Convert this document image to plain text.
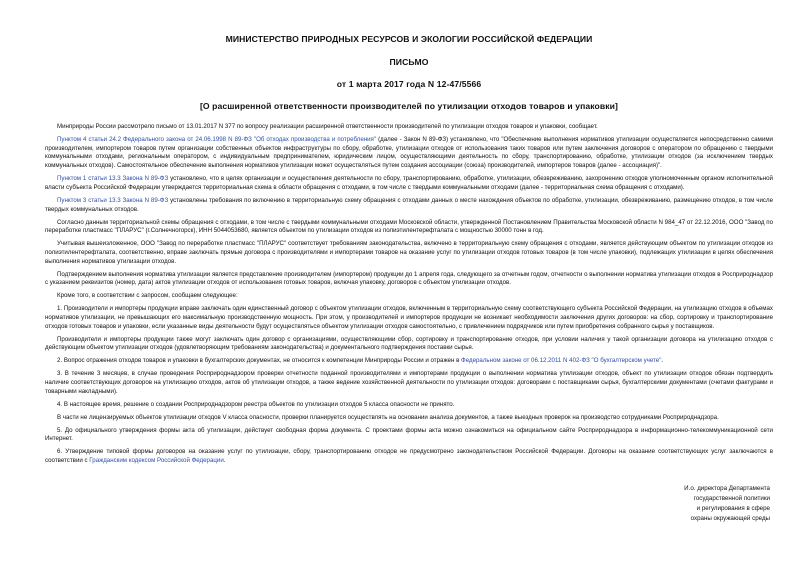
МИНИСТЕРСТВО ПРИРОДНЫХ РЕСУРСОВ И ЭКОЛОГИИ РОССИЙСКОЙ ФЕДЕРАЦИИ
ПИСЬМО
от 1 марта 2017 года N 12-47/5566
[О расширенной ответственности производителей по утилизации отходов товаров и упаковки]

Минприроды России рассмотрело письмо от 13.01.2017 N 377 по вопросу реализации расширенной ответственности производителей по утилизации отходов товаров и упаковки, сообщает.

Пунктом 4 статьи 24.2 Федерального закона от 24.06.1998 N 89-ФЗ "Об отходах производства и потребления" (далее - Закон N 89-ФЗ) установлено, что "Обеспечение выполнения нормативов утилизации осуществляется непосредственно самими производителем, импортером товаров путем организации собственных объектов инфраструктуры по сбору, обработке, утилизации отходов от использования таких товаров или путем заключения договоров с оператором по обращению с твердыми коммунальными отходами, региональным оператором, с индивидуальным предпринимателем, юридическим лицом, осуществляющими деятельность по сбору, транспортированию, обработке, утилизации отходов (за исключением твердых коммунальных отходов). Самостоятельное обеспечение выполнения нормативов утилизации может осуществляться путем создания ассоциации (союза) производителей, импортеров товаров (далее - ассоциация)".

Пунктом 1 статьи 13.3 Закона N 89-ФЗ установлено, что в целях организации и осуществления деятельности по сбору, транспортированию, обработке, утилизации, обезвреживанию, захоронению отходов уполномоченным органом исполнительной власти субъекта Российской Федерации утверждается территориальная схема в области обращения с отходами, в том числе с твердыми коммунальными отходами (далее - территориальная схема обращения с отходами).

Пунктом 3 статьи 13.3 Закона N 89-ФЗ установлены требования по включению в территориальную схему обращения с отходами данных о месте нахождения объектов по обработке, утилизации, обезвреживанию, размещению отходов, в том числе твердых коммунальных отходов.

Согласно данным территориальной схемы обращения с отходами, в том числе с твердыми коммунальными отходами Московской области, утвержденной Постановлением Правительства Московской области N 984_47 от 22.12.2016, ООО "Завод по переработке пластмасс "ПЛАРУС" (г.Солнечногорск), ИНН 5044053680, является объектом по утилизации отходов из полиэтилентерефталата с мощностью 30000 тонн в год.

Учитывая вышеизложенное, ООО "Завод по переработке пластмасс "ПЛАРУС" соответствует требованиям законодательства, включено в территориальную схему обращения с отходами, является действующим объектом по утилизации отходов из полиэтилентерефталата, соответственно, вправе заключать прямые договора с производителями и импортерами товаров на оказание услуг по утилизации отходов готовых товаров (в том числе упаковки), подлежащих утилизации в целях обеспечения выполнения нормативов утилизации отходов.

Подтверждением выполнения норматива утилизации является представление производителем (импортером) продукции до 1 апреля года, следующего за отчетным годом, отчетности о выполнении норматива утилизации отходов в Росприроднадзор с указанием реквизитов (номер, дата) актов утилизации отходов от использования готовых товаров, включая упаковку, договоров с объектом утилизации отходов.

Кроме того, в соответствии с запросом, сообщаем следующее:

1. Производители и импортеры продукции вправе заключать один единственный договор с объектом утилизации отходов, включенным в территориальную схему соответствующего субъекта Российской Федерации, на утилизацию отходов в объемах нормативов утилизации, не превышающих его максимальную производственную мощность. При этом, у производителей и импортеров продукции не возникает необходимости заключения других договоров: на сбор, сортировку и транспортирование отходов готовых товаров и упаковки, если указанные виды деятельности будут осуществляться объектом утилизации отходов самостоятельно, с привлечением подрядчиков или путем приобретения собранного сырья у поставщиков.

Производители и импортеры продукции также могут заключать один договор с организациями, осуществляющими сбор, сортировку и транспортирование отходов, при условии наличия у такой организации договора на утилизацию отходов с действующим объектом утилизации отходов (удовлетворяющим требованиям законодательства) и документального подтверждения поставки сырья.

2. Вопрос отражения отходов товаров и упаковки в бухгалтерских документах, не относится к компетенции Минприроды России и отражен в Федеральном законе от 06.12.2011 N 402-ФЗ "О бухгалтерском учете".

3. В течение 3 месяцев, в случае проведения Росприроднадзором проверки отчетности поданной производителями и импортерами продукции о выполнении норматива утилизации отходов, объект по утилизации отходов обязан подтвердить наличие соответствующих договоров на утилизацию отходов, актов об утилизации отходов, а также ведение хозяйственной деятельности по утилизации отходов: договорами с поставщиками сырья, бухгалтерскими документами (счетами фактурами и товарными накладными).

4. В настоящее время, решение о создании Росприроднадзором реестра объектов по утилизации отходов 5 класса опасности не принято.

В части не лицензируемых объектов утилизации отходов V класса опасности, проверки планируется осуществлять на основании анализа документов, а также выездных проверок на производство сотрудниками Росприроднадзора.

5. До официального утверждения формы акта об утилизации, действует свободная форма документа. С проектами формы акта можно ознакомиться на официальном сайте Росприроднадзора в информационно-телекоммуникационной сети Интернет.

6. Утверждение типовой формы договоров на оказание услуг по утилизации, сбору, транспортированию отходов не предусмотрено законодательством Российской Федерации. Договоры на оказание соответствующих услуг заключаются в соответствии с Гражданским кодексом Российской Федерации.

И.о. директора Департамента
государственной политики
и регулирования в сфере
охраны окружающей среды
